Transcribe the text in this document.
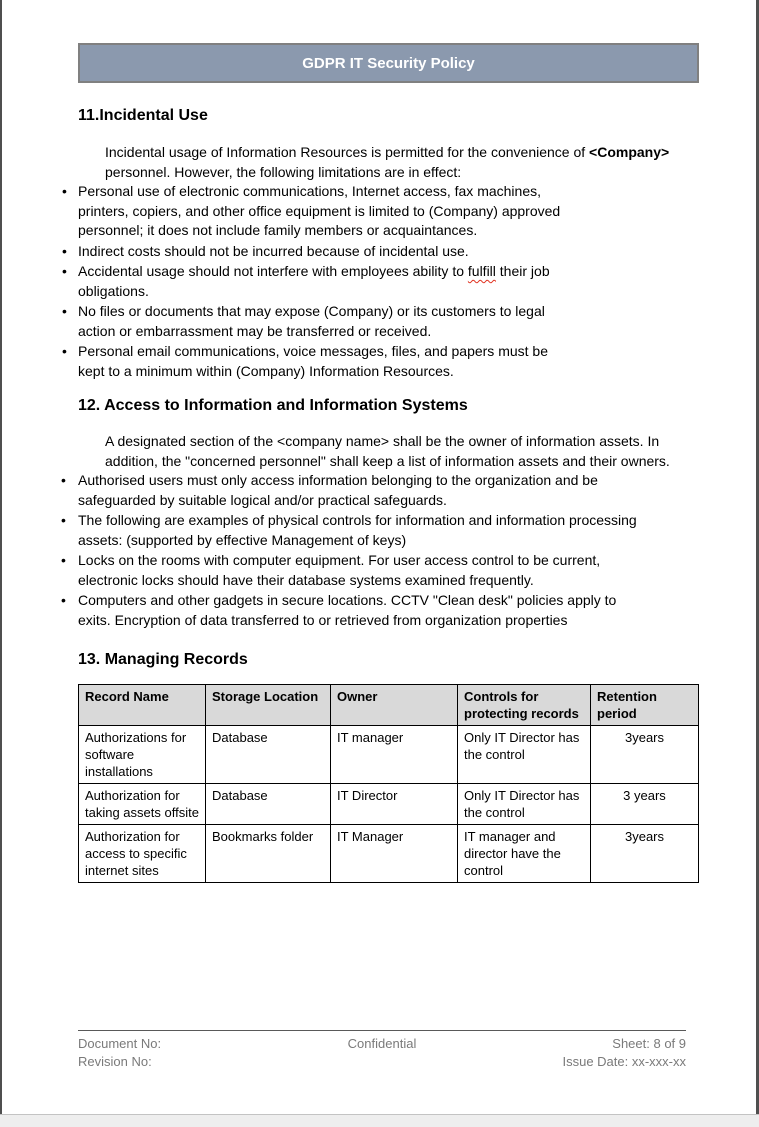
GDPR IT Security Policy
11.Incidental Use

Incidental usage of Information Resources is permitted for the convenience of <Company> personnel. However, the following limitations are in effect:

• Personal use of electronic communications, Internet access, fax machines, printers, copiers, and other office equipment is limited to (Company) approved personnel; it does not include family members or acquaintances.
• Indirect costs should not be incurred because of incidental use.
• Accidental usage should not interfere with employees ability to fulfill their job obligations.
• No files or documents that may expose (Company) or its customers to legal action or embarrassment may be transferred or received.
• Personal email communications, voice messages, files, and papers must be kept to a minimum within (Company) Information Resources.
12. Access to Information and Information Systems

A designated section of the <company name> shall be the owner of information assets. In addition, the "concerned personnel" shall keep a list of information assets and their owners.

• Authorised users must only access information belonging to the organization and be safeguarded by suitable logical and/or practical safeguards.
• The following are examples of physical controls for information and information processing assets: (supported by effective Management of keys)
• Locks on the rooms with computer equipment. For user access control to be current, electronic locks should have their database systems examined frequently.
• Computers and other gadgets in secure locations. CCTV "Clean desk" policies apply to exits. Encryption of data transferred to or retrieved from organization properties
13. Managing Records
Record Name	Storage Location	Owner	Controls for protecting records	Retention period
Authorizations for software installations	Database	IT manager	Only IT Director has the control	3years
Authorization for taking assets offsite	Database	IT Director	Only IT Director has the control	3 years
Authorization for access to specific internet sites	Bookmarks folder	IT Manager	IT manager and director have the control	3years
Document No:
Revision No:
Confidential	Sheet: 8 of 9
Issue Date: xx-xxx-xx
